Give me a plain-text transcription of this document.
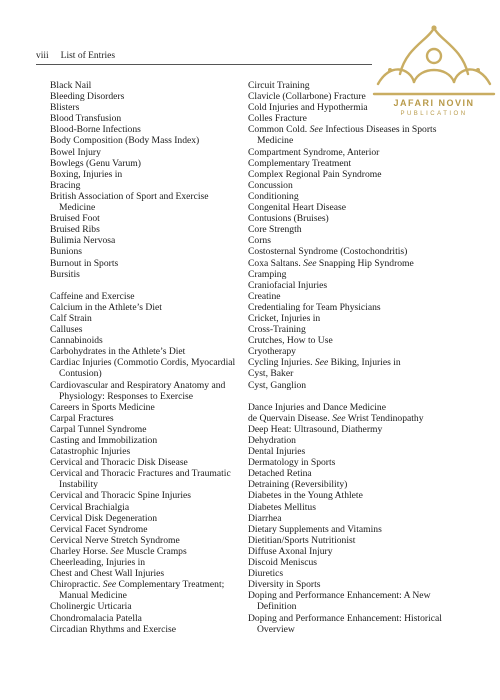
viii List of Entries
JAFARI NOVIN
PUBLICATION
Black Nail
Bleeding Disorders
Blisters
Blood Transfusion
Blood-Borne Infections
Body Composition (Body Mass Index)
Bowel Injury
Bowlegs (Genu Varum)
Boxing, Injuries in
Bracing
British Association of Sport and Exercise Medicine
Bruised Foot
Bruised Ribs
Bulimia Nervosa
Bunions
Burnout in Sports
Bursitis
Caffeine and Exercise
Calcium in the Athlete’s Diet
Calf Strain
Calluses
Cannabinoids
Carbohydrates in the Athlete’s Diet
Cardiac Injuries (Commotio Cordis, Myocardial Contusion)
Cardiovascular and Respiratory Anatomy and Physiology: Responses to Exercise
Careers in Sports Medicine
Carpal Fractures
Carpal Tunnel Syndrome
Casting and Immobilization
Catastrophic Injuries
Cervical and Thoracic Disk Disease
Cervical and Thoracic Fractures and Traumatic Instability
Cervical and Thoracic Spine Injuries
Cervical Brachialgia
Cervical Disk Degeneration
Cervical Facet Syndrome
Cervical Nerve Stretch Syndrome
Charley Horse. See Muscle Cramps
Cheerleading, Injuries in
Chest and Chest Wall Injuries
Chiropractic. See Complementary Treatment; Manual Medicine
Cholinergic Urticaria
Chondromalacia Patella
Circadian Rhythms and Exercise
Circuit Training
Clavicle (Collarbone) Fracture
Cold Injuries and Hypothermia
Colles Fracture
Common Cold. See Infectious Diseases in Sports Medicine
Compartment Syndrome, Anterior
Complementary Treatment
Complex Regional Pain Syndrome
Concussion
Conditioning
Congenital Heart Disease
Contusions (Bruises)
Core Strength
Corns
Costosternal Syndrome (Costochondritis)
Coxa Saltans. See Snapping Hip Syndrome
Cramping
Craniofacial Injuries
Creatine
Credentialing for Team Physicians
Cricket, Injuries in
Cross-Training
Crutches, How to Use
Cryotherapy
Cycling Injuries. See Biking, Injuries in
Cyst, Baker
Cyst, Ganglion
Dance Injuries and Dance Medicine
de Quervain Disease. See Wrist Tendinopathy
Deep Heat: Ultrasound, Diathermy
Dehydration
Dental Injuries
Dermatology in Sports
Detached Retina
Detraining (Reversibility)
Diabetes in the Young Athlete
Diabetes Mellitus
Diarrhea
Dietary Supplements and Vitamins
Dietitian/Sports Nutritionist
Diffuse Axonal Injury
Discoid Meniscus
Diuretics
Diversity in Sports
Doping and Performance Enhancement: A New Definition
Doping and Performance Enhancement: Historical Overview
